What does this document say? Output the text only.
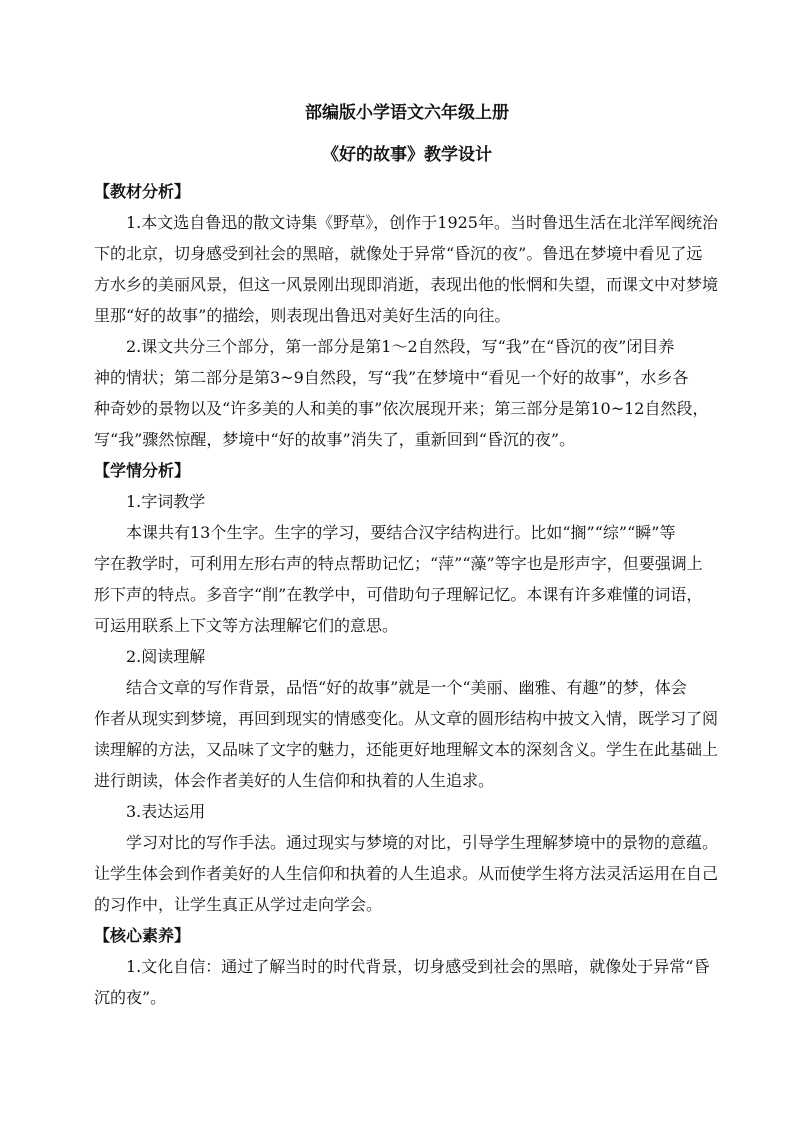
部编版小学语文六年级上册
《好的故事》教学设计
【教材分析】

1.本文选自鲁迅的散文诗集《野草》，创作于1925年。当时鲁迅生活在北洋军阀统治
下的北京，切身感受到社会的黑暗，就像处于异常“昏沉的夜”。鲁迅在梦境中看见了远
方水乡的美丽风景，但这一风景刚出现即消逝，表现出他的怅惘和失望，而课文中对梦境
里那“好的故事”的描绘，则表现出鲁迅对美好生活的向往。

2.课文共分三个部分，第一部分是第1～2自然段，写“我”在“昏沉的夜”闭目养
神的情状；第二部分是第3~9自然段，写“我”在梦境中“看见一个好的故事”，水乡各
种奇妙的景物以及“许多美的人和美的事”依次展现开来；第三部分是第10~12自然段，
写“我”骤然惊醒，梦境中“好的故事”消失了，重新回到“昏沉的夜”。

【学情分析】

1.字词教学

本课共有13个生字。生字的学习，要结合汉字结构进行。比如“搁”“综”“瞬”等
字在教学时，可利用左形右声的特点帮助记忆；“萍”“藻”等字也是形声字，但要强调上
形下声的特点。多音字“削”在教学中，可借助句子理解记忆。本课有许多难懂的词语，
可运用联系上下文等方法理解它们的意思。

2.阅读理解

结合文章的写作背景，品悟“好的故事”就是一个“美丽、幽雅、有趣”的梦，体会
作者从现实到梦境，再回到现实的情感变化。从文章的圆形结构中披文入情，既学习了阅
读理解的方法，又品味了文字的魅力，还能更好地理解文本的深刻含义。学生在此基础上
进行朗读，体会作者美好的人生信仰和执着的人生追求。

3.表达运用

学习对比的写作手法。通过现实与梦境的对比，引导学生理解梦境中的景物的意蕴。
让学生体会到作者美好的人生信仰和执着的人生追求。从而使学生将方法灵活运用在自己
的习作中，让学生真正从学过走向学会。

【核心素养】

1.文化自信：通过了解当时的时代背景，切身感受到社会的黑暗，就像处于异常“昏
沉的夜”。
